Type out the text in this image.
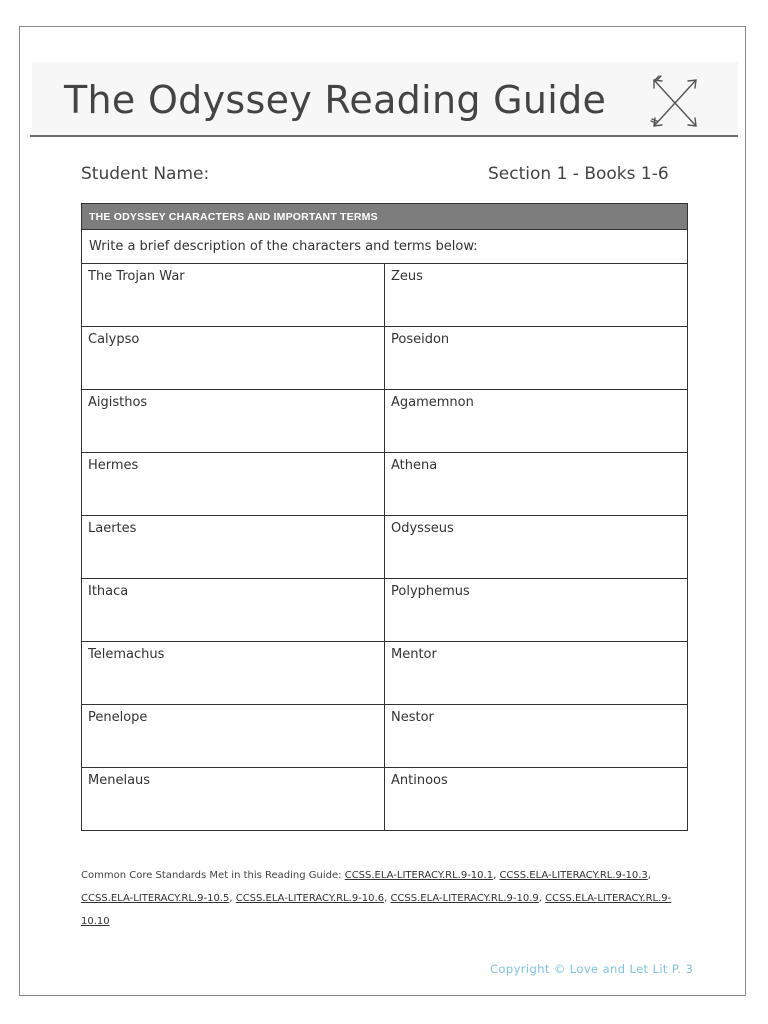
The Odyssey Reading Guide
Student Name:	Section 1 - Books 1-6
THE ODYSSEY CHARACTERS AND IMPORTANT TERMS	
Write a brief description of the characters and terms below:	
The Trojan War	Zeus
Calypso	Poseidon
Aigisthos	Agamemnon
Hermes	Athena
Laertes	Odysseus
Ithaca	Polyphemus
Telemachus	Mentor
Penelope	Nestor
Menelaus	Antinoos
Common Core Standards Met in this Reading Guide: CCSS.ELA-LITERACY.RL.9-10.1, CCSS.ELA-LITERACY.RL.9-10.3,
CCSS.ELA-LITERACY.RL.9-10.5, CCSS.ELA-LITERACY.RL.9-10.6, CCSS.ELA-LITERACY.RL.9-10.9, CCSS.ELA-LITERACY.RL.9-10.10
Copyright © Love and Let Lit P. 3
